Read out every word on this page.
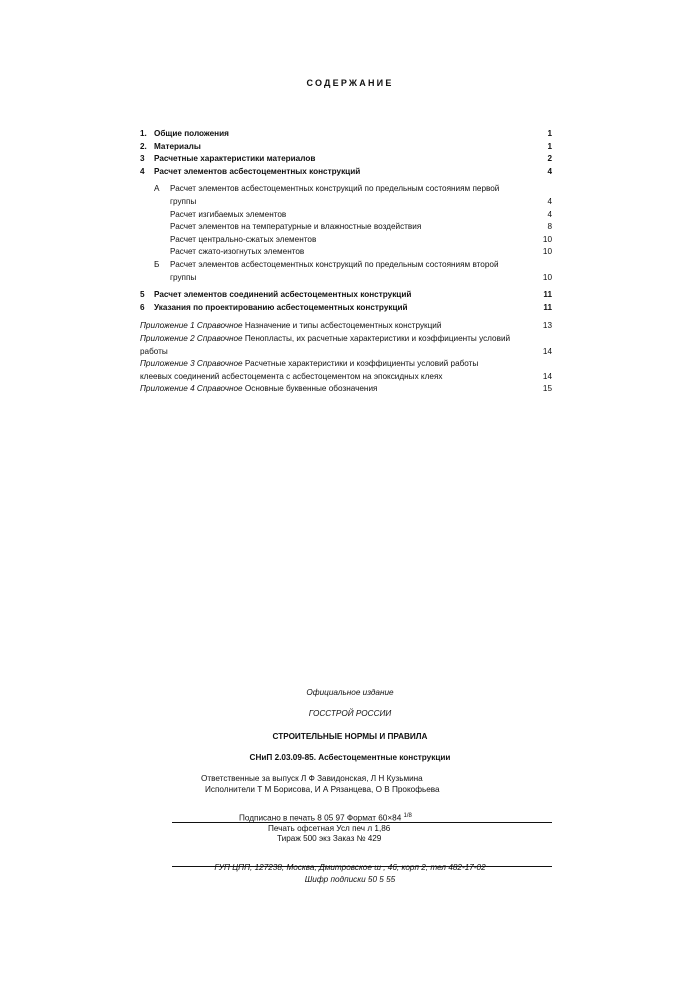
СОДЕРЖАНИЕ
1. Общие положения	1
2. Материалы	1
3	Расчетные характеристики материалов	2
4	Расчет элементов асбестоцементных конструкций	4
А Расчет элементов асбестоцементных конструкций по предельным состояниям первой группы	4
Расчет изгибаемых элементов	4
Расчет элементов на температурные и влажностные воздействия	8
Расчет центрально-сжатых элементов	10
Расчет сжато-изогнутых элементов	10
Б Расчет элементов асбестоцементных конструкций по предельным состояниям второй группы	10
5	Расчет элементов соединений асбестоцементных конструкций	11
6	Указания по проектированию асбестоцементных конструкций	11
Приложение 1 Справочное Назначение и типы асбестоцементных конструкций	13
Приложение 2 Справочное Пенопласты, их расчетные характеристики и коэффициенты условий работы	14
Приложение 3 Справочное Расчетные характеристики и коэффициенты условий работы клеевых соединений асбестоцемента с асбестоцементом на эпоксидных клеях	14
Приложение 4 Справочное Основные буквенные обозначения	15
Официальное издание
ГОССТРОЙ РОССИИ
СТРОИТЕЛЬНЫЕ НОРМЫ И ПРАВИЛА
СНиП 2.03.09-85. Асбестоцементные конструкции
Ответственные за выпуск Л Ф Завидонская, Л Н Кузьмина
Исполнители Т М Борисова, И А Рязанцева, О В Прокофьева
Подписано в печать 8 05 97 Формат 60×84 $^{1/8}$
Печать офсетная Усл печ л 1,86
Тираж 500 экз Заказ № 429
ГУП ЦПП, 127238, Москва, Дмитровское ш , 46, корп 2, тел 482-17-02
Шифр подписки 50 5 55
